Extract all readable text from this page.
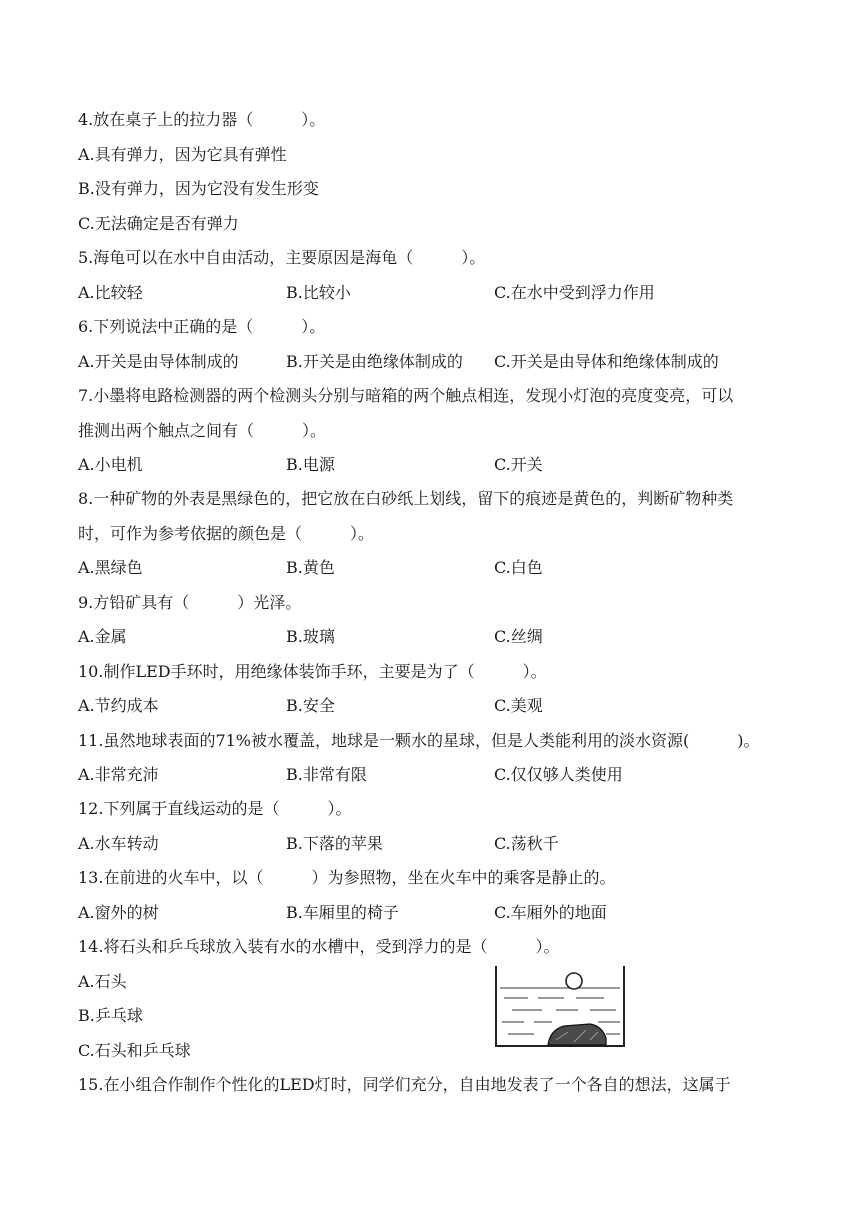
4.放在桌子上的拉力器（　　　）。
A.具有弹力，因为它具有弹性
B.没有弹力，因为它没有发生形变
C.无法确定是否有弹力
5.海龟可以在水中自由活动，主要原因是海龟（　　　）。
A.比较轻	B.比较小	C.在水中受到浮力作用
6.下列说法中正确的是（　　　）。
A.开关是由导体制成的	B.开关是由绝缘体制成的 C.开关是由导体和绝缘体制成的
7.小墨将电路检测器的两个检测头分别与暗箱的两个触点相连，发现小灯泡的亮度变亮，可以
推测出两个触点之间有（　　　）。
A.小电机	B.电源	C.开关
8.一种矿物的外表是黑绿色的，把它放在白砂纸上划线，留下的痕迹是黄色的，判断矿物种类
时，可作为参考依据的颜色是（　　　）。
A.黑绿色	B.黄色	C.白色
9.方铅矿具有（　　　）光泽。
A.金属	B.玻璃	C.丝绸
10.制作LED手环时，用绝缘体装饰手环，主要是为了（　　　）。
A.节约成本	B.安全	C.美观
11.虽然地球表面的71%被水覆盖，地球是一颗水的星球，但是人类能利用的淡水资源(　　　)。
A.非常充沛	B.非常有限	C.仅仅够人类使用
12.下列属于直线运动的是（　　　）。
A.水车转动	B.下落的苹果	C.荡秋千
13.在前进的火车中，以（　　　）为参照物，坐在火车中的乘客是静止的。
A.窗外的树	B.车厢里的椅子	C.车厢外的地面
14.将石头和乒乓球放入装有水的水槽中，受到浮力的是（　　　）。
A.石头
B.乒乓球
C.石头和乒乓球
15.在小组合作制作个性化的LED灯时，同学们充分，自由地发表了一个各自的想法，这属于
